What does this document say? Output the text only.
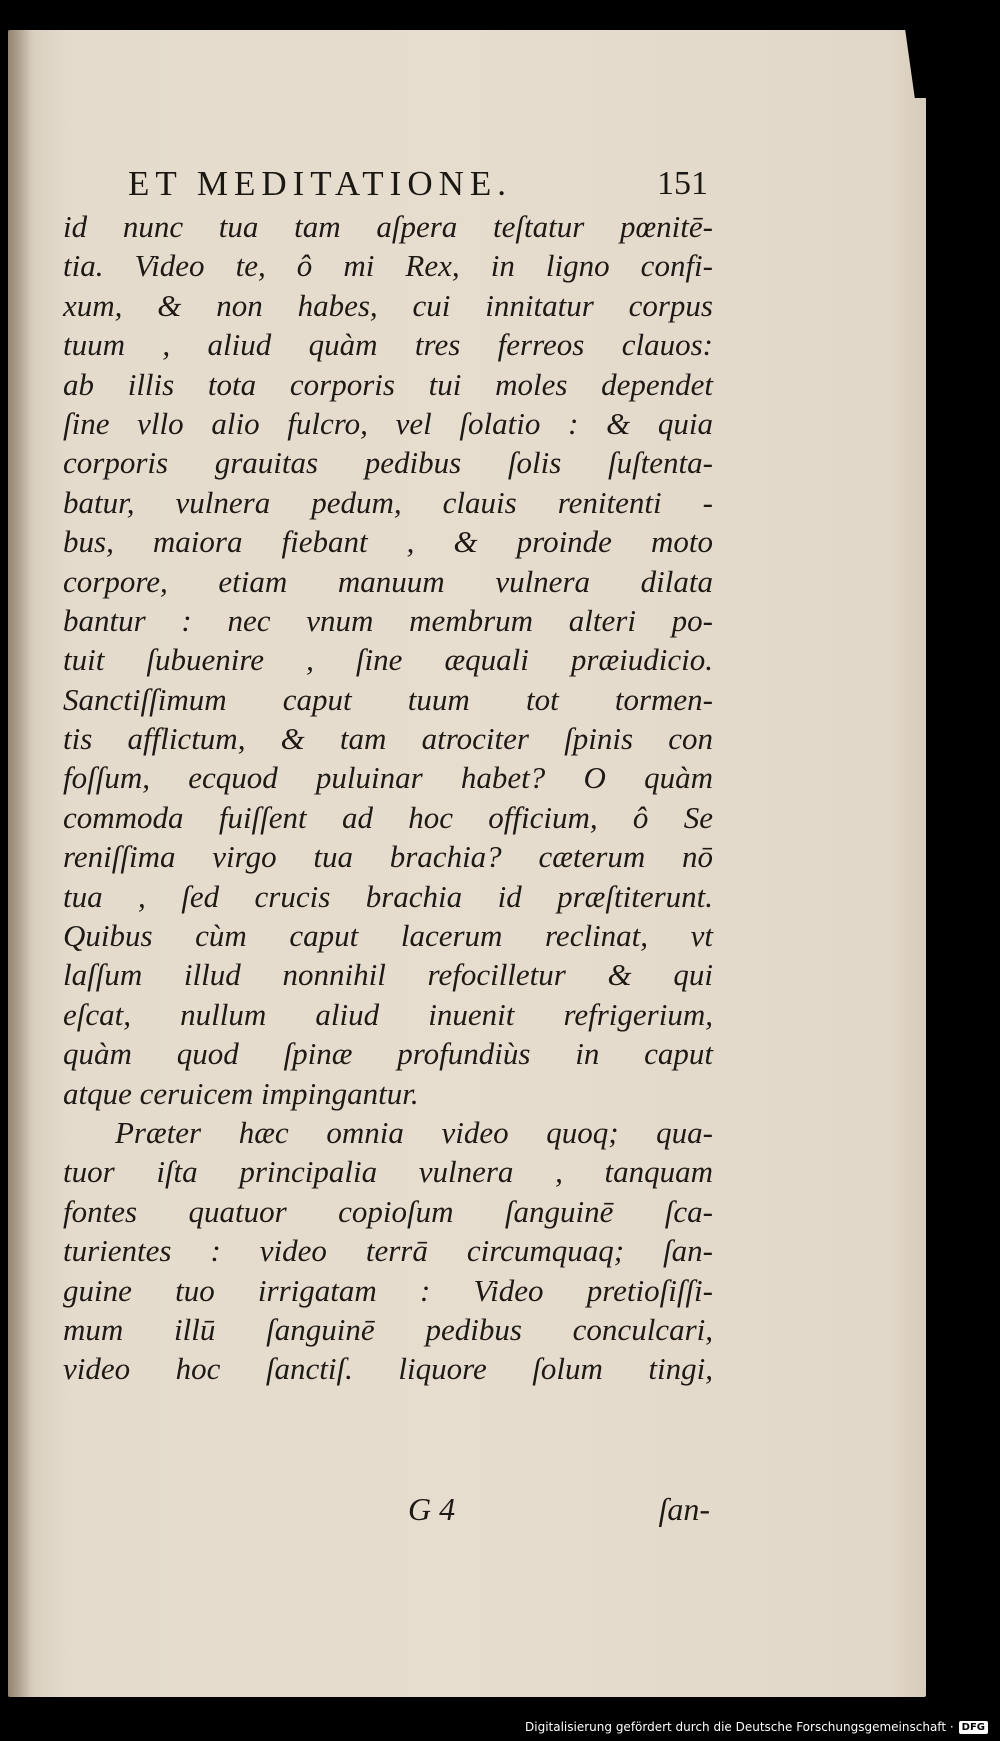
ET MEDITATIONE.	151
id nunc tua tam aſpera teſtatur pœnitē-
tia. Video te, ô mi Rex, in ligno confi-
xum, & non habes, cui innitatur corpus
tuum , aliud quàm tres ferreos clauos:
ab illis tota corporis tui moles dependet
ſine vllo alio fulcro, vel ſolatio : & quia
corporis grauitas pedibus ſolis ſuſtenta-
batur, vulnera pedum, clauis renitenti -
bus, maiora fiebant , & proinde moto
corpore, etiam manuum vulnera dilata
bantur : nec vnum membrum alteri po-
tuit ſubuenire , ſine æquali præiudicio.
Sanctiſſimum caput tuum tot tormen-
tis afflictum, & tam atrociter ſpinis con
foſſum, ecquod puluinar habet? O quàm
commoda fuiſſent ad hoc officium, ô Se
reniſſima virgo tua brachia? cæterum nō
tua , ſed crucis brachia id præſtiterunt.
Quibus cùm caput lacerum reclinat, vt
laſſum illud nonnihil refocilletur & qui
eſcat, nullum aliud inuenit refrigerium,
quàm quod ſpinæ profundiùs in caput
atque ceruicem impingantur.
Præter hæc omnia video quoq; qua-
tuor iſta principalia vulnera , tanquam
fontes quatuor copioſum ſanguinē ſca-
turientes : video terrā circumquaq; ſan-
guine tuo irrigatam : Video pretioſiſſi-
mum illū ſanguinē pedibus conculcari,
video hoc ſanctiſ. liquore ſolum tingi,
G 4	ſan-
Digitalisierung gefördert durch die Deutsche Forschungsgemeinschaft · DFG
